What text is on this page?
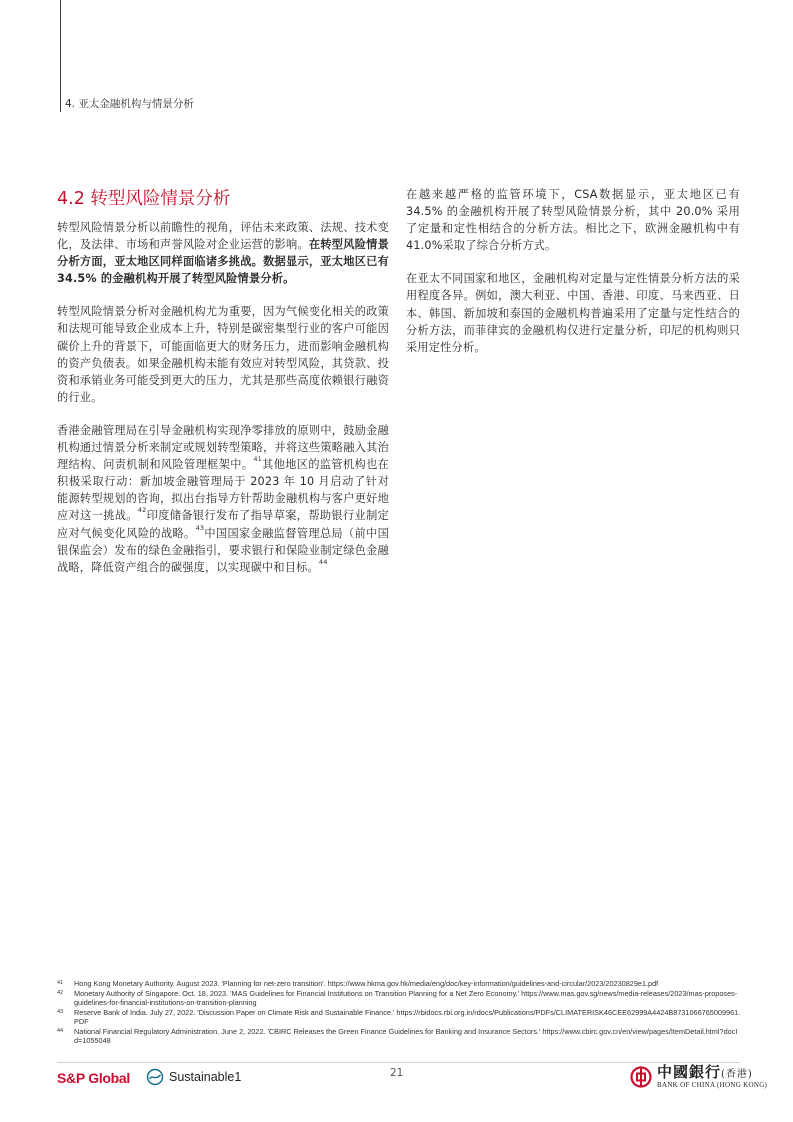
4. 亚太金融机构与情景分析
4.2 转型风险情景分析

转型风险情景分析以前瞻性的视角，评估未来政策、法规、技术变化，及法律、市场和声誉风险对企业运营的影响。在转型风险情景分析方面，亚太地区同样面临诸多挑战。数据显示，亚太地区已有 34.5% 的金融机构开展了转型风险情景分析。

转型风险情景分析对金融机构尤为重要，因为气候变化相关的政策和法规可能导致企业成本上升，特别是碳密集型行业的客户可能因碳价上升的背景下，可能面临更大的财务压力，进而影响金融机构的资产负债表。如果金融机构未能有效应对转型风险，其贷款、投资和承销业务可能受到更大的压力，尤其是那些高度依赖银行融资的行业。

香港金融管理局在引导金融机构实现净零排放的原则中，鼓励金融机构通过情景分析来制定或规划转型策略，并将这些策略融入其治理结构、问责机制和风险管理框架中。$^{41}$其他地区的监管机构也在积极采取行动：新加坡金融管理局于 2023 年 10 月启动了针对能源转型规划的咨询，拟出台指导方针帮助金融机构与客户更好地应对这一挑战。$^{42}$印度储备银行发布了指导草案，帮助银行业制定应对气候变化风险的战略。$^{43}$中国国家金融监督管理总局（前中国银保监会）发布的绿色金融指引，要求银行和保险业制定绿色金融战略，降低资产组合的碳强度，以实现碳中和目标。$^{44}$

在越来越严格的监管环境下，CSA数据显示，亚太地区已有 34.5% 的金融机构开展了转型风险情景分析，其中 20.0% 采用了定量和定性相结合的分析方法。相比之下，欧洲金融机构中有41.0%采取了综合分析方式。

在亚太不同国家和地区，金融机构对定量与定性情景分析方法的采用程度各异。例如，澳大利亚、中国、香港、印度、马来西亚、日本、韩国、新加坡和泰国的金融机构普遍采用了定量与定性结合的分析方法，而菲律宾的金融机构仅进行定量分析，印尼的机构则只采用定性分析。

41	Hong Kong Monetary Authority. August 2023. 'Planning for net-zero transition'. https://www.hkma.gov.hk/media/eng/doc/key-information/guidelines-and-circular/2023/20230829e1.pdf
42	Monetary Authority of Singapore. Oct. 18, 2023. 'MAS Guidelines for Financial Institutions on Transition Planning for a Net Zero Economy.' https://www.mas.gov.sg/news/media-releases/2023/mas-proposes-guidelines-for-financial-institutions-on-transition-planning
43	Reserve Bank of India. July 27, 2022. 'Discussion Paper on Climate Risk and Sustainable Finance.' https://rbidocs.rbi.org.in/rdocs/Publications/PDFs/CLIMATERISK46CEE62999A4424B8731066765009961.PDF
44	National Financial Regulatory Administration. June 2, 2022. 'CBIRC Releases the Green Finance Guidelines for Banking and Insurance Sectors.' https://www.cbirc.gov.cn/en/view/pages/ItemDetail.html?docId=1055048
S&P Global	Sustainable1	21	中國銀行(香港)
BANK OF CHINA (HONG KONG)
